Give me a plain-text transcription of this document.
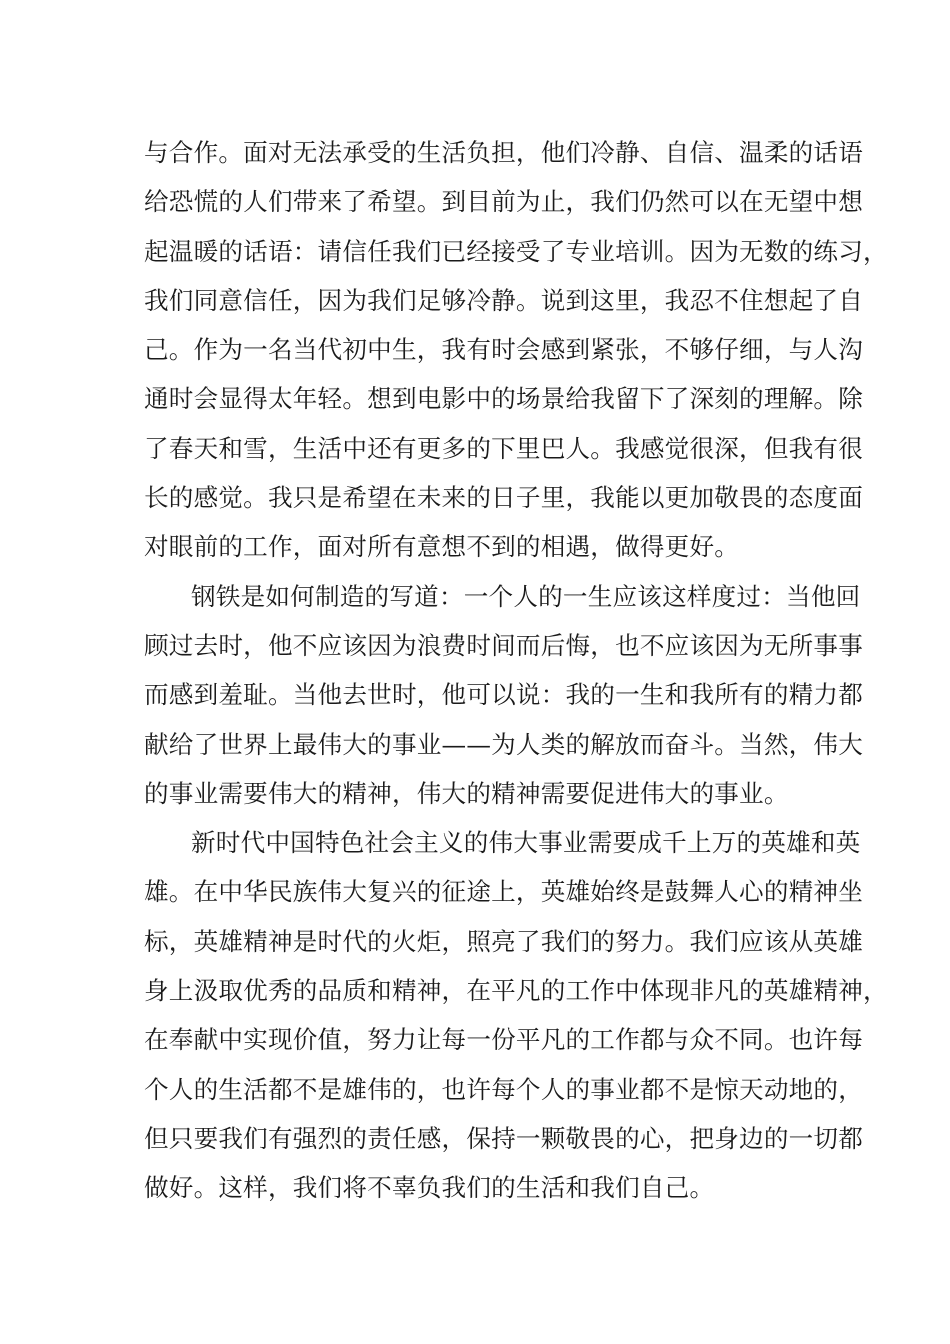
与合作。面对无法承受的生活负担，他们冷静、自信、温柔的话语
给恐慌的人们带来了希望。到目前为止，我们仍然可以在无望中想
起温暖的话语：请信任我们已经接受了专业培训。因为无数的练习，
我们同意信任，因为我们足够冷静。说到这里，我忍不住想起了自
己。作为一名当代初中生，我有时会感到紧张，不够仔细，与人沟
通时会显得太年轻。想到电影中的场景给我留下了深刻的理解。除
了春天和雪，生活中还有更多的下里巴人。我感觉很深，但我有很
长的感觉。我只是希望在未来的日子里，我能以更加敬畏的态度面
对眼前的工作，面对所有意想不到的相遇，做得更好。
钢铁是如何制造的写道：一个人的一生应该这样度过：当他回
顾过去时，他不应该因为浪费时间而后悔，也不应该因为无所事事
而感到羞耻。当他去世时，他可以说：我的一生和我所有的精力都
献给了世界上最伟大的事业——为人类的解放而奋斗。当然，伟大
的事业需要伟大的精神，伟大的精神需要促进伟大的事业。
新时代中国特色社会主义的伟大事业需要成千上万的英雄和英
雄。在中华民族伟大复兴的征途上，英雄始终是鼓舞人心的精神坐
标，英雄精神是时代的火炬，照亮了我们的努力。我们应该从英雄
身上汲取优秀的品质和精神，在平凡的工作中体现非凡的英雄精神，
在奉献中实现价值，努力让每一份平凡的工作都与众不同。也许每
个人的生活都不是雄伟的，也许每个人的事业都不是惊天动地的，
但只要我们有强烈的责任感，保持一颗敬畏的心，把身边的一切都
做好。这样，我们将不辜负我们的生活和我们自己。
